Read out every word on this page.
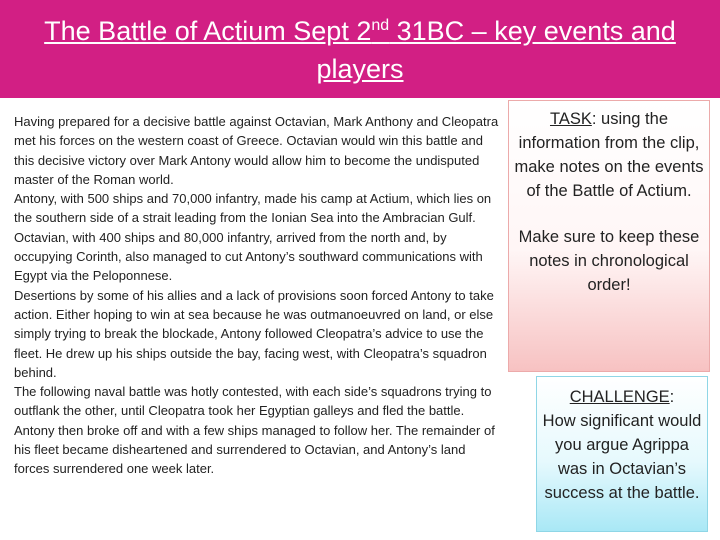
The Battle of Actium Sept 2nd 31BC – key events and players

Having prepared for a decisive battle against Octavian, Mark Anthony and Cleopatra met his forces on the western coast of Greece. Octavian would win this battle and this decisive victory over Mark Antony would allow him to become the undisputed master of the Roman world.

Antony, with 500 ships and 70,000 infantry, made his camp at Actium, which lies on the southern side of a strait leading from the Ionian Sea into the Ambracian Gulf. Octavian, with 400 ships and 80,000 infantry, arrived from the north and, by occupying Corinth, also managed to cut Antony’s southward communications with Egypt via the Peloponnese.

Desertions by some of his allies and a lack of provisions soon forced Antony to take action. Either hoping to win at sea because he was outmanoeuvred on land, or else simply trying to break the blockade, Antony followed Cleopatra’s advice to use the fleet. He drew up his ships outside the bay, facing west, with Cleopatra’s squadron behind.

The following naval battle was hotly contested, with each side’s squadrons trying to outflank the other, until Cleopatra took her Egyptian galleys and fled the battle. Antony then broke off and with a few ships managed to follow her. The remainder of his fleet became disheartened and surrendered to Octavian, and Antony’s land forces surrendered one week later.

TASK: using the information from the clip, make notes on the events of the Battle of Actium.

Make sure to keep these notes in chronological order!

CHALLENGE:

How significant would you argue Agrippa was in Octavian’s success at the battle.
